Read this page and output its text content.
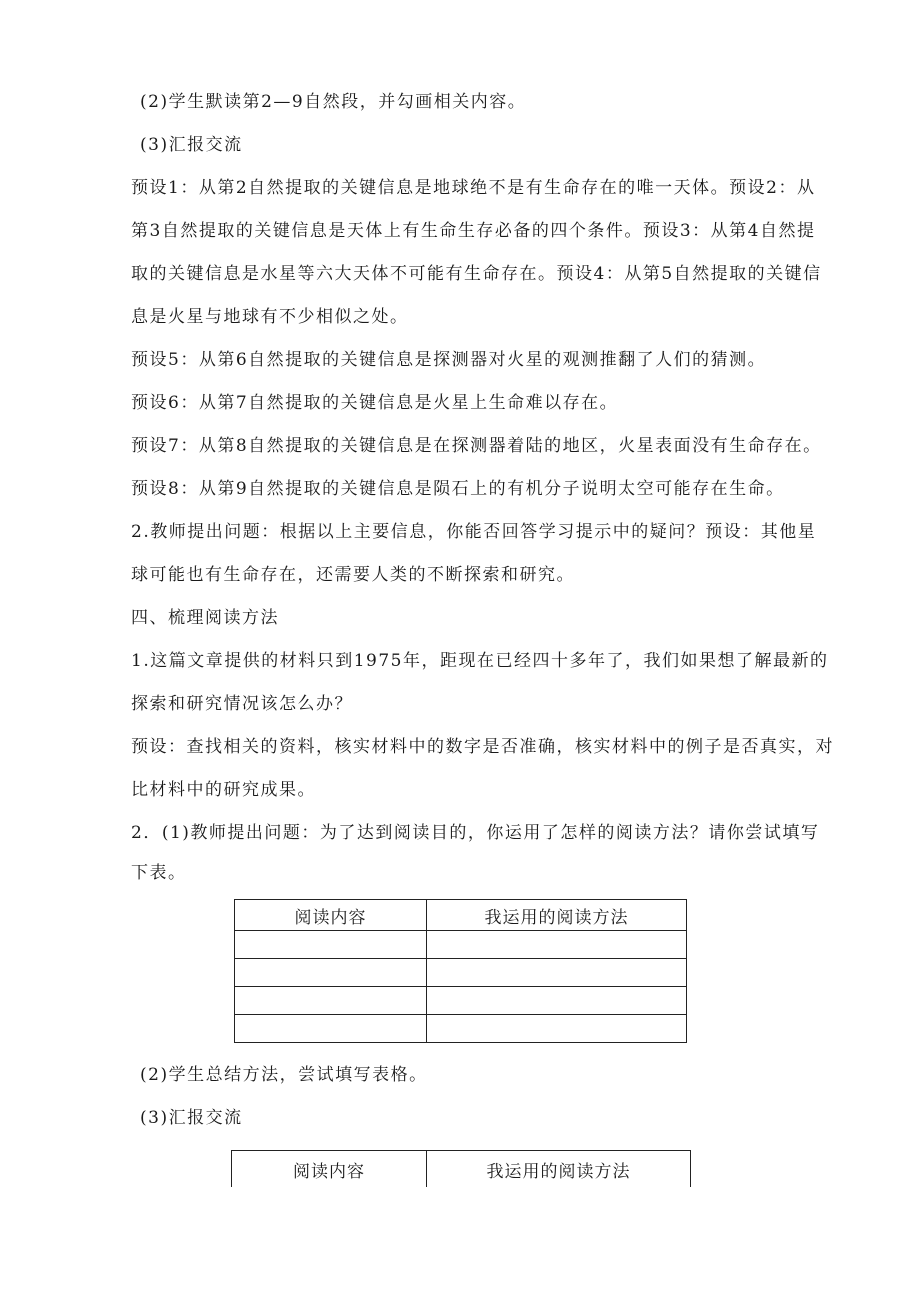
(2)学生默读第2—9自然段，并勾画相关内容。
(3)汇报交流
预设1：从第2自然提取的关键信息是地球绝不是有生命存在的唯一天体。预设2：从
第3自然提取的关键信息是天体上有生命生存必备的四个条件。预设3：从第4自然提
取的关键信息是水星等六大天体不可能有生命存在。预设4：从第5自然提取的关键信
息是火星与地球有不少相似之处。
预设5：从第6自然提取的关键信息是探测器对火星的观测推翻了人们的猜测。
预设6：从第7自然提取的关键信息是火星上生命难以存在。
预设7：从第8自然提取的关键信息是在探测器着陆的地区，火星表面没有生命存在。
预设8：从第9自然提取的关键信息是陨石上的有机分子说明太空可能存在生命。
2.教师提出问题：根据以上主要信息，你能否回答学习提示中的疑问？预设：其他星
球可能也有生命存在，还需要人类的不断探索和研究。
四、梳理阅读方法
1.这篇文章提供的材料只到1975年，距现在已经四十多年了，我们如果想了解最新的
探索和研究情况该怎么办？
预设：查找相关的资料，核实材料中的数字是否准确，核实材料中的例子是否真实，对
比材料中的研究成果。
2．(1)教师提出问题：为了达到阅读目的，你运用了怎样的阅读方法？请你尝试填写
下表。
阅读内容	我运用的阅读方法

(2)学生总结方法，尝试填写表格。
(3)汇报交流
阅读内容	我运用的阅读方法
